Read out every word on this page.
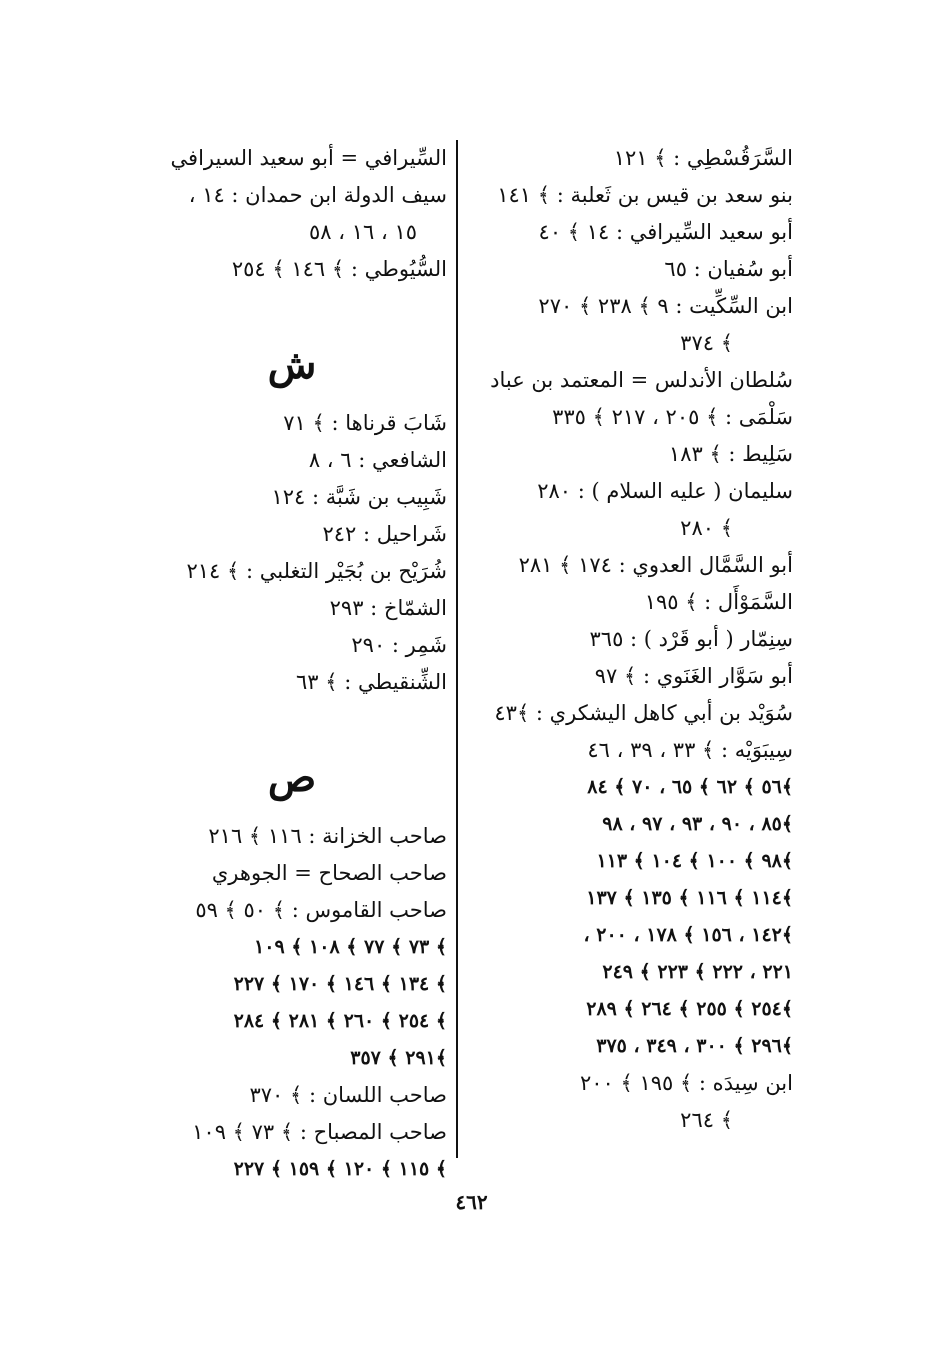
السَّرَقُسْطِي : ﴾ ١٢١
بنو سعد بن قيس بن ثَعلبة : ﴾ ١٤١
أبو سعيد السِّيرافي : ١٤ ﴾ ٤٠
أبو سُفيان : ٦٥
ابن السِّكِّيت : ٩ ﴾ ٢٣٨ ﴾ ٢٧٠
﴾ ٣٧٤
سُلطان الأندلس = المعتمد بن عباد
سَلْمَى : ﴾ ٢٠٥ ، ٢١٧ ﴾ ٣٣٥
سَلِيط : ﴾ ١٨٣
سليمان ( عليه السلام ) : ٢٨٠
﴾ ٢٨٠
أبو السَّمَّال العدوي : ١٧٤ ﴾ ٢٨١
السَّمَوْأَل : ﴾ ١٩٥
سِنِمّار ( أبو قَرْد ) : ٣٦٥
أبو سَوَّار الغَنَوي : ﴾ ٩٧
سُوَيْد بن أبي كاهل اليشكري : ﴾٤٣
سِيبَوَيْه : ﴾ ٣٣ ، ٣٩ ، ٤٦
﴾٥٦ ﴾ ٦٢ ﴾ ٦٥ ، ٧٠ ﴾ ٨٤
﴾٨٥ ، ٩٠ ، ٩٣ ، ٩٧ ، ٩٨
﴾٩٨ ﴾ ١٠٠ ﴾ ١٠٤ ﴾ ١١٣
﴾١١٤ ﴾ ١١٦ ﴾ ١٣٥ ﴾ ١٣٧
﴾١٤٢ ، ١٥٦ ﴾ ١٧٨ ، ٢٠٠ ،
٢٢١ ، ٢٢٢ ﴾ ٢٢٣ ﴾ ٢٤٩
﴾٢٥٤ ﴾ ٢٥٥ ﴾ ٢٦٤ ﴾ ٢٨٩
﴾٢٩٦ ﴾ ٣٠٠ ، ٣٤٩ ، ٣٧٥
ابن سِيدَه : ﴾ ١٩٥ ﴾ ٢٠٠
﴾ ٢٦٤
السِّيرافي = أبو سعيد السيرافي
سيف الدولة ابن حمدان : ١٤ ،
١٥ ، ١٦ ، ٥٨
السُّيُوطي : ﴾ ١٤٦ ﴾ ٢٥٤
ش
شَابَ قرناها : ﴾ ٧١
الشافعي : ٦ ، ٨
شَبِيب بن شَبَّة : ١٢٤
شَراحيل : ٢٤٢
شُرَيْح بن بُجَيْر التغلبي : ﴾ ٢١٤
الشمّاخ : ٢٩٣
شَمِر : ٢٩٠
الشِّنقيطي : ﴾ ٦٣
ص
صاحب الخزانة : ١١٦ ﴾ ٢١٦
صاحب الصحاح = الجوهري
صاحب القاموس : ﴾ ٥٠ ﴾ ٥٩
﴾ ٧٣ ﴾ ٧٧ ﴾ ١٠٨ ﴾ ١٠٩
﴾ ١٣٤ ﴾ ١٤٦ ﴾ ١٧٠ ﴾ ٢٢٧
﴾ ٢٥٤ ﴾ ٢٦٠ ﴾ ٢٨١ ﴾ ٢٨٤
﴾٢٩١ ﴾ ٣٥٧
صاحب اللسان : ﴾ ٣٧٠
صاحب المصباح : ﴾ ٧٣ ﴾ ١٠٩
﴾ ١١٥ ﴾ ١٢٠ ﴾ ١٥٩ ﴾ ٢٢٧
٤٦٢
